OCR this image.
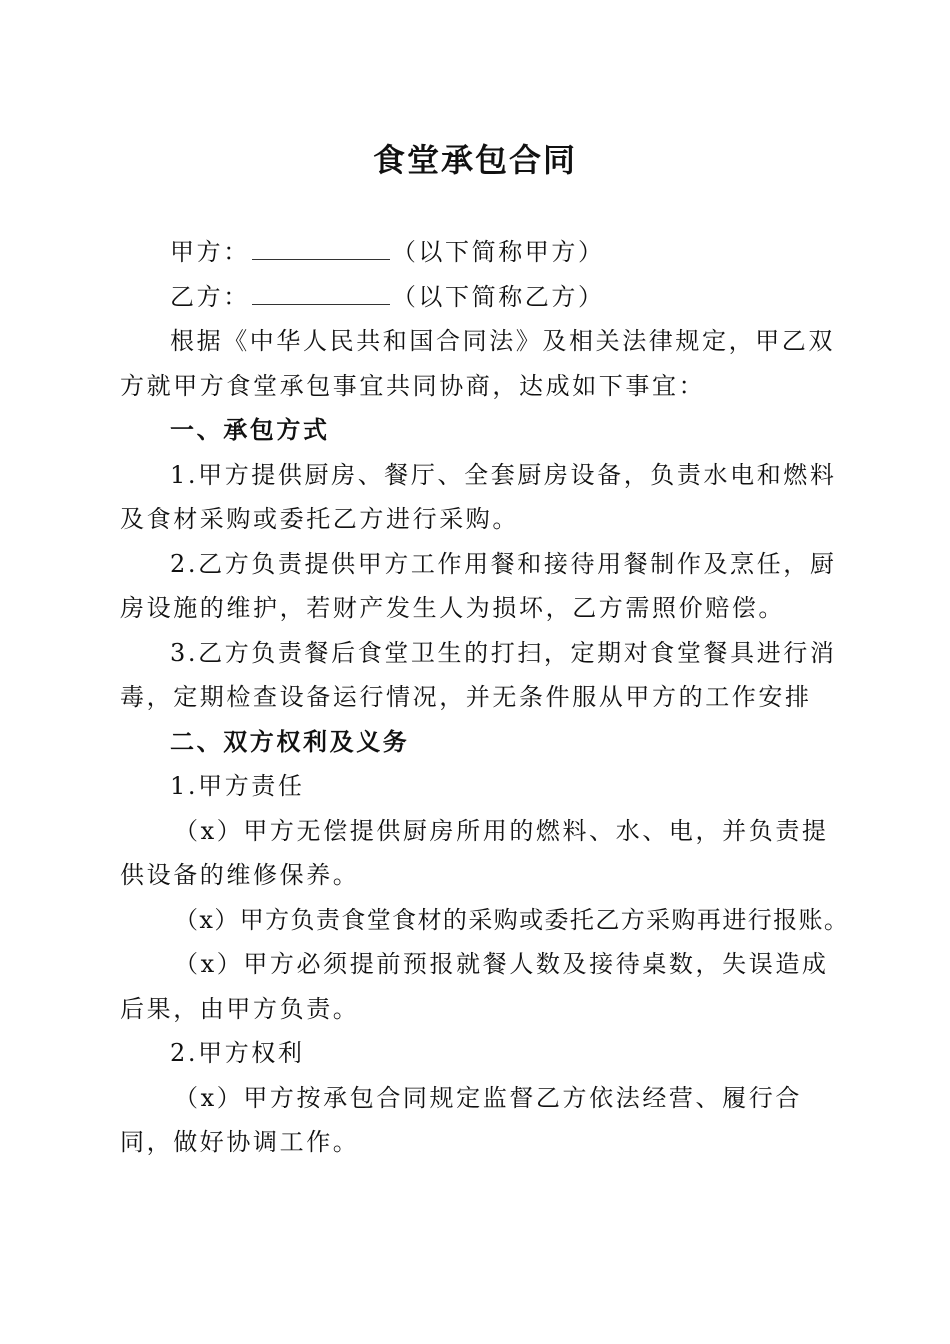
食堂承包合同

甲方：	（以下简称甲方）

乙方：	（以下简称乙方）

根据《中华人民共和国合同法》及相关法律规定，甲乙双方就甲方食堂承包事宜共同协商，达成如下事宜：

一、承包方式

1.甲方提供厨房、餐厅、全套厨房设备，负责水电和燃料及食材采购或委托乙方进行采购。

2.乙方负责提供甲方工作用餐和接待用餐制作及烹任，厨房设施的维护，若财产发生人为损坏，乙方需照价赔偿。

3.乙方负责餐后食堂卫生的打扫，定期对食堂餐具进行消毒，定期检查设备运行情况，并无条件服从甲方的工作安排

二、双方权利及义务

1.甲方责任

（x）甲方无偿提供厨房所用的燃料、水、电，并负责提供设备的维修保养。

（x）甲方负责食堂食材的采购或委托乙方采购再进行报账。

（x）甲方必须提前预报就餐人数及接待桌数，失误造成后果，由甲方负责。

2.甲方权利

（x）甲方按承包合同规定监督乙方依法经营、履行合同，做好协调工作。
